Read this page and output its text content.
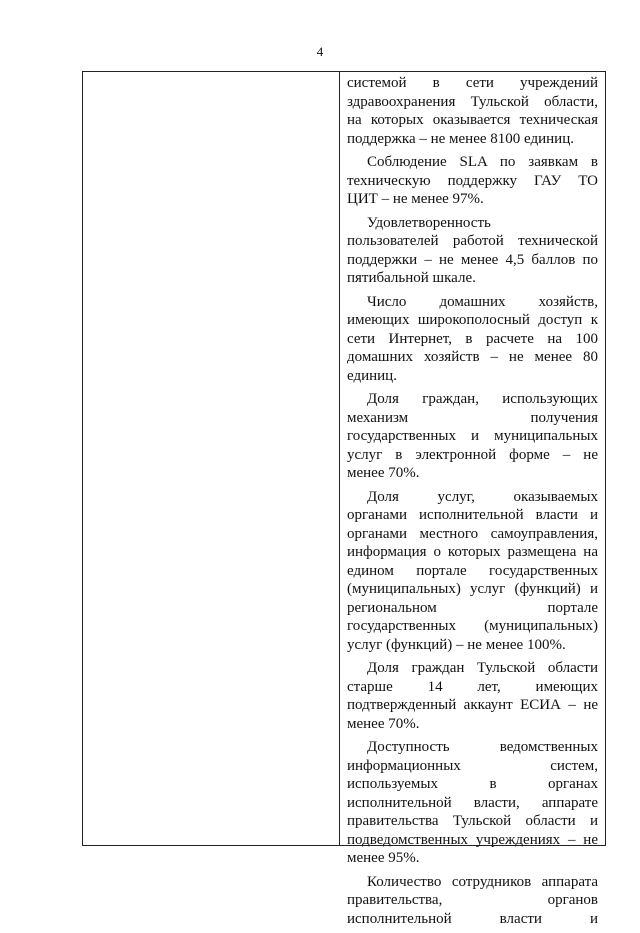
4
системой в сети учреждений
здравоохранения Тульской области,
на которых оказывается техническая
поддержка – не менее 8100 единиц.
Соблюдение SLA по заявкам в
техническую поддержку ГАУ ТО
ЦИТ – не менее 97%.
Удовлетворенность
пользователей работой технической
поддержки – не менее 4,5 баллов по
пятибальной шкале.
Число домашних хозяйств,
имеющих широкополосный доступ к
сети Интернет, в расчете на 100
домашних хозяйств – не менее 80
единиц.
Доля граждан, использующих
механизм получения
государственных и муниципальных
услуг в электронной форме – не
менее 70%.
Доля услуг, оказываемых
органами исполнительной власти и
органами местного самоуправления,
информация о которых размещена на
едином портале государственных
(муниципальных) услуг (функций) и
региональном портале
государственных (муниципальных)
услуг (функций) – не менее 100%.
Доля граждан Тульской области
старше 14 лет, имеющих
подтвержденный аккаунт ЕСИА – не
менее 70%.
Доступность ведомственных
информационных систем,
используемых в органах
исполнительной власти, аппарате
правительства Тульской области и
подведомственных учреждениях – не
менее 95%.
Количество сотрудников аппарата
правительства, органов
исполнительной власти и
